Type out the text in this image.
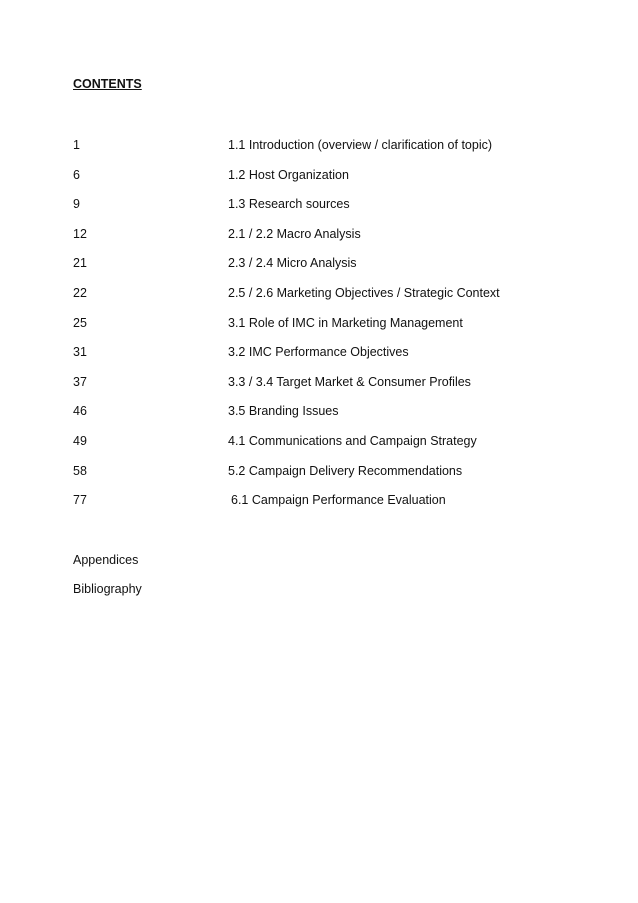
CONTENTS
1	1.1 Introduction (overview / clarification of topic)
6	1.2 Host Organization
9	1.3 Research sources
12	2.1 / 2.2 Macro Analysis
21	2.3 / 2.4 Micro Analysis
22	2.5 / 2.6 Marketing Objectives / Strategic Context
25	3.1 Role of IMC in Marketing Management
31	3.2 IMC Performance Objectives
37	3.3 / 3.4 Target Market & Consumer Profiles
46	3.5 Branding Issues
49	4.1 Communications and Campaign Strategy
58	5.2 Campaign Delivery Recommendations
77	6.1 Campaign Performance Evaluation
Appendices
Bibliography
